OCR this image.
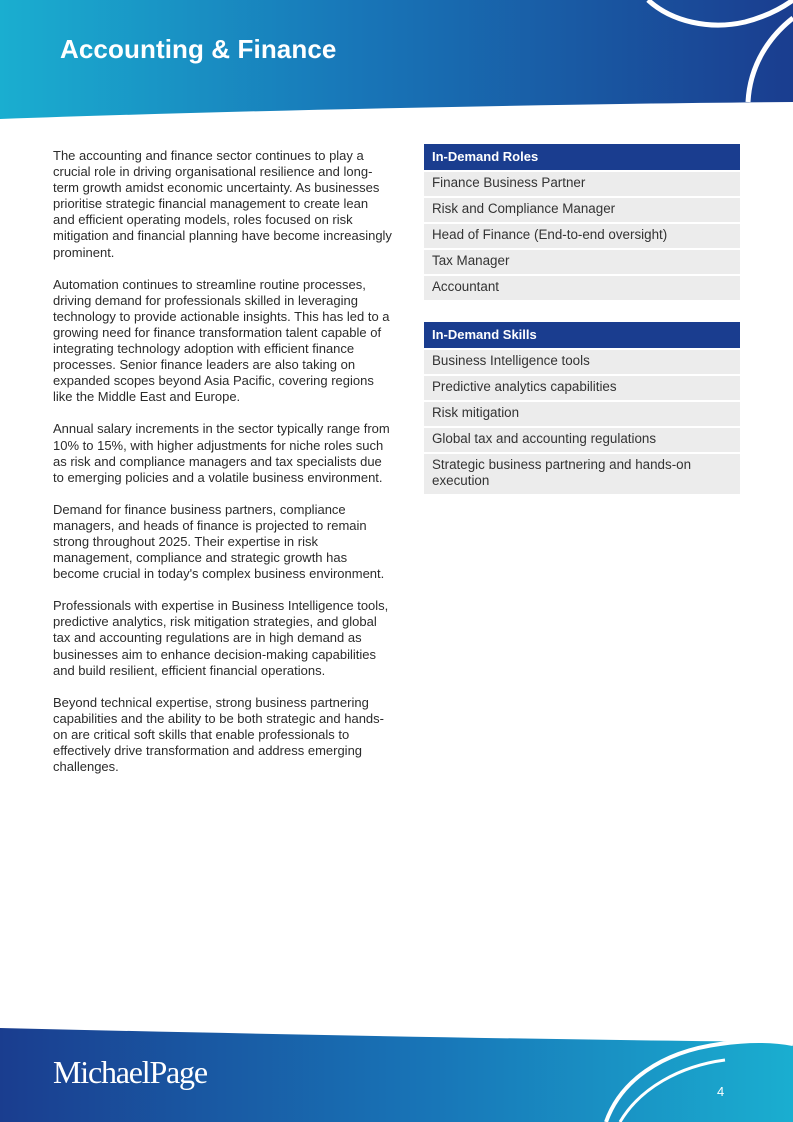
Accounting & Finance

The accounting and finance sector continues to play a crucial role in driving organisational resilience and long-term growth amidst economic uncertainty. As businesses prioritise strategic financial management to create lean and efficient operating models, roles focused on risk mitigation and financial planning have become increasingly prominent.

Automation continues to streamline routine processes, driving demand for professionals skilled in leveraging technology to provide actionable insights. This has led to a growing need for finance transformation talent capable of integrating technology adoption with efficient finance processes. Senior finance leaders are also taking on expanded scopes beyond Asia Pacific, covering regions like the Middle East and Europe.

Annual salary increments in the sector typically range from 10% to 15%, with higher adjustments for niche roles such as risk and compliance managers and tax specialists due to emerging policies and a volatile business environment.

Demand for finance business partners, compliance managers, and heads of finance is projected to remain strong throughout 2025. Their expertise in risk management, compliance and strategic growth has become crucial in today's complex business environment.

Professionals with expertise in Business Intelligence tools, predictive analytics, risk mitigation strategies, and global tax and accounting regulations are in high demand as businesses aim to enhance decision-making capabilities and build resilient, efficient financial operations.

Beyond technical expertise, strong business partnering capabilities and the ability to be both strategic and hands-on are critical soft skills that enable professionals to effectively drive transformation and address emerging challenges.

In-Demand Roles
Finance Business Partner
Risk and Compliance Manager
Head of Finance (End-to-end oversight)
Tax Manager
Accountant
In-Demand Skills
Business Intelligence tools
Predictive analytics capabilities
Risk mitigation
Global tax and accounting regulations
Strategic business partnering and hands-on execution
MichaelPage
4
